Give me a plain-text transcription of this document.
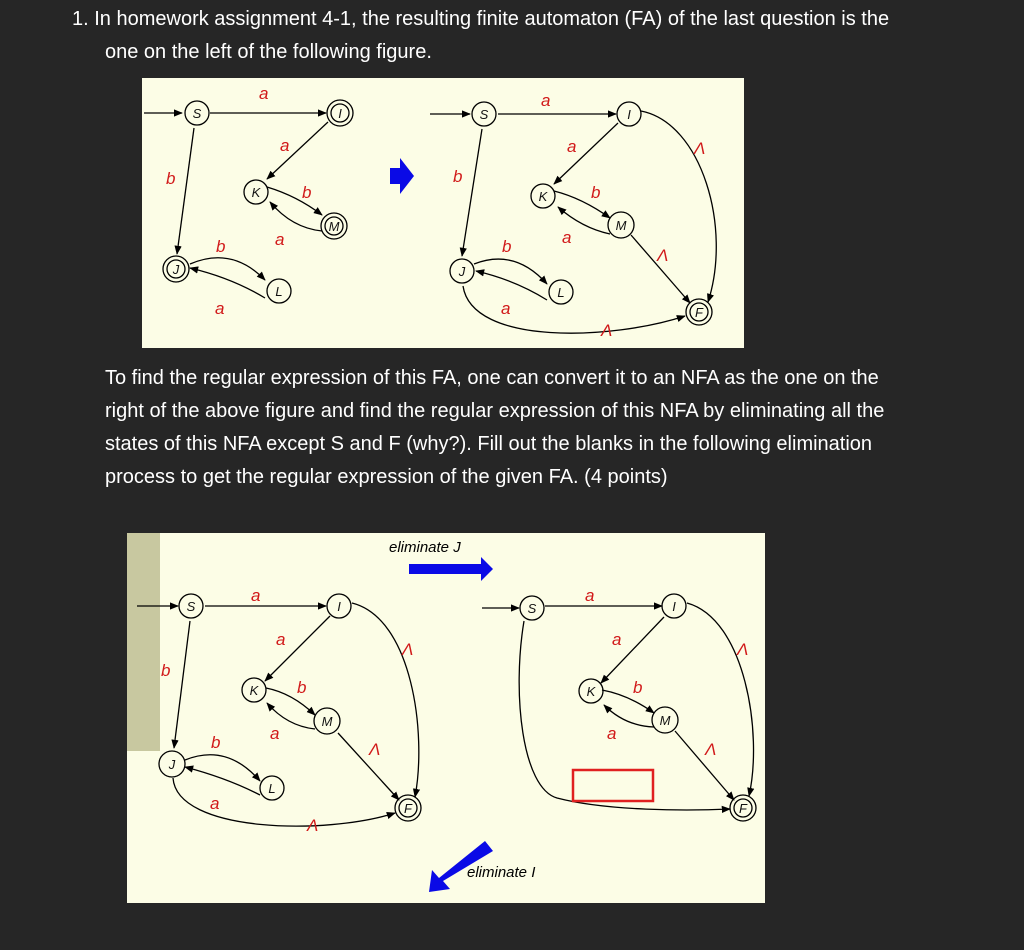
1. In homework assignment 4-1, the resulting finite automaton (FA) of the last question is the
one on the left of the following figure.

S	I
K
M
J
L
a
b
a
b
a
b
a
S	I
K
M
J
L
F
a
b
a	Λ
b
a
Λ
b
a
Λ

To find the regular expression of this FA, one can convert it to an NFA as the one on the
right of the above figure and find the regular expression of this NFA by eliminating all the
states of this NFA except S and F (why?). Fill out the blanks in the following elimination
process to get the regular expression of the given FA. (4 points)

eliminate J
S	I
K
M
J
L
F
a
b
a
Λ
b
a
Λ
b
a
Λ
S	I
K
M
F
a
a
Λ
b
a
Λ
eliminate I
